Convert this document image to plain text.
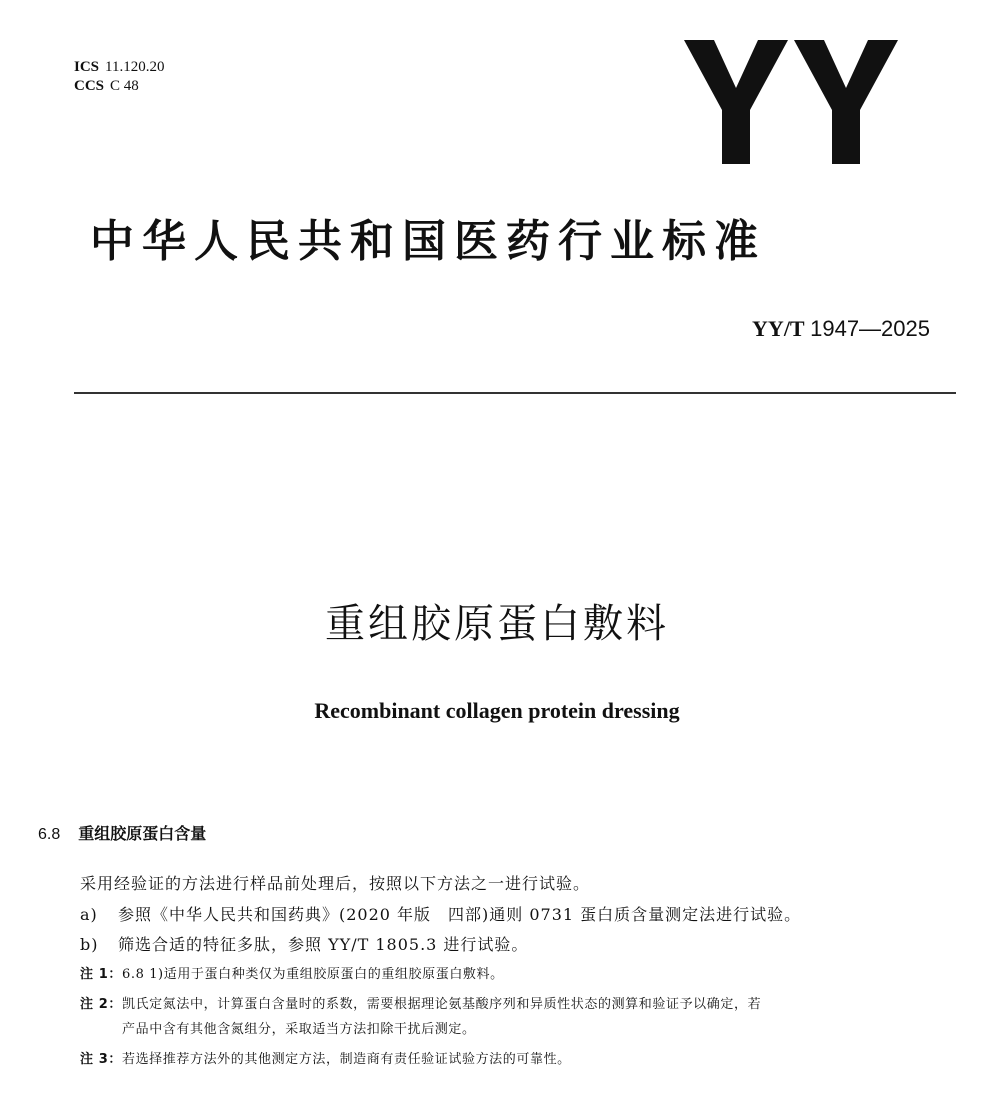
ICS 11.120.20
CCS C 48
中华人民共和国医药行业标准
YY/T 1947—2025
重组胶原蛋白敷料
Recombinant collagen protein dressing
6.8 重组胶原蛋白含量
采用经验证的方法进行样品前处理后，按照以下方法之一进行试验。
a) 参照《中华人民共和国药典》(2020 年版　四部)通则 0731 蛋白质含量测定法进行试验。
b) 筛选合适的特征多肽，参照 YY/T 1805.3 进行试验。
注 1：6.8 1)适用于蛋白种类仅为重组胶原蛋白的重组胶原蛋白敷料。
注 2：凯氏定氮法中，计算蛋白含量时的系数，需要根据理论氨基酸序列和异质性状态的测算和验证予以确定，若
产品中含有其他含氮组分，采取适当方法扣除干扰后测定。
注 3：若选择推荐方法外的其他测定方法，制造商有责任验证试验方法的可靠性。
